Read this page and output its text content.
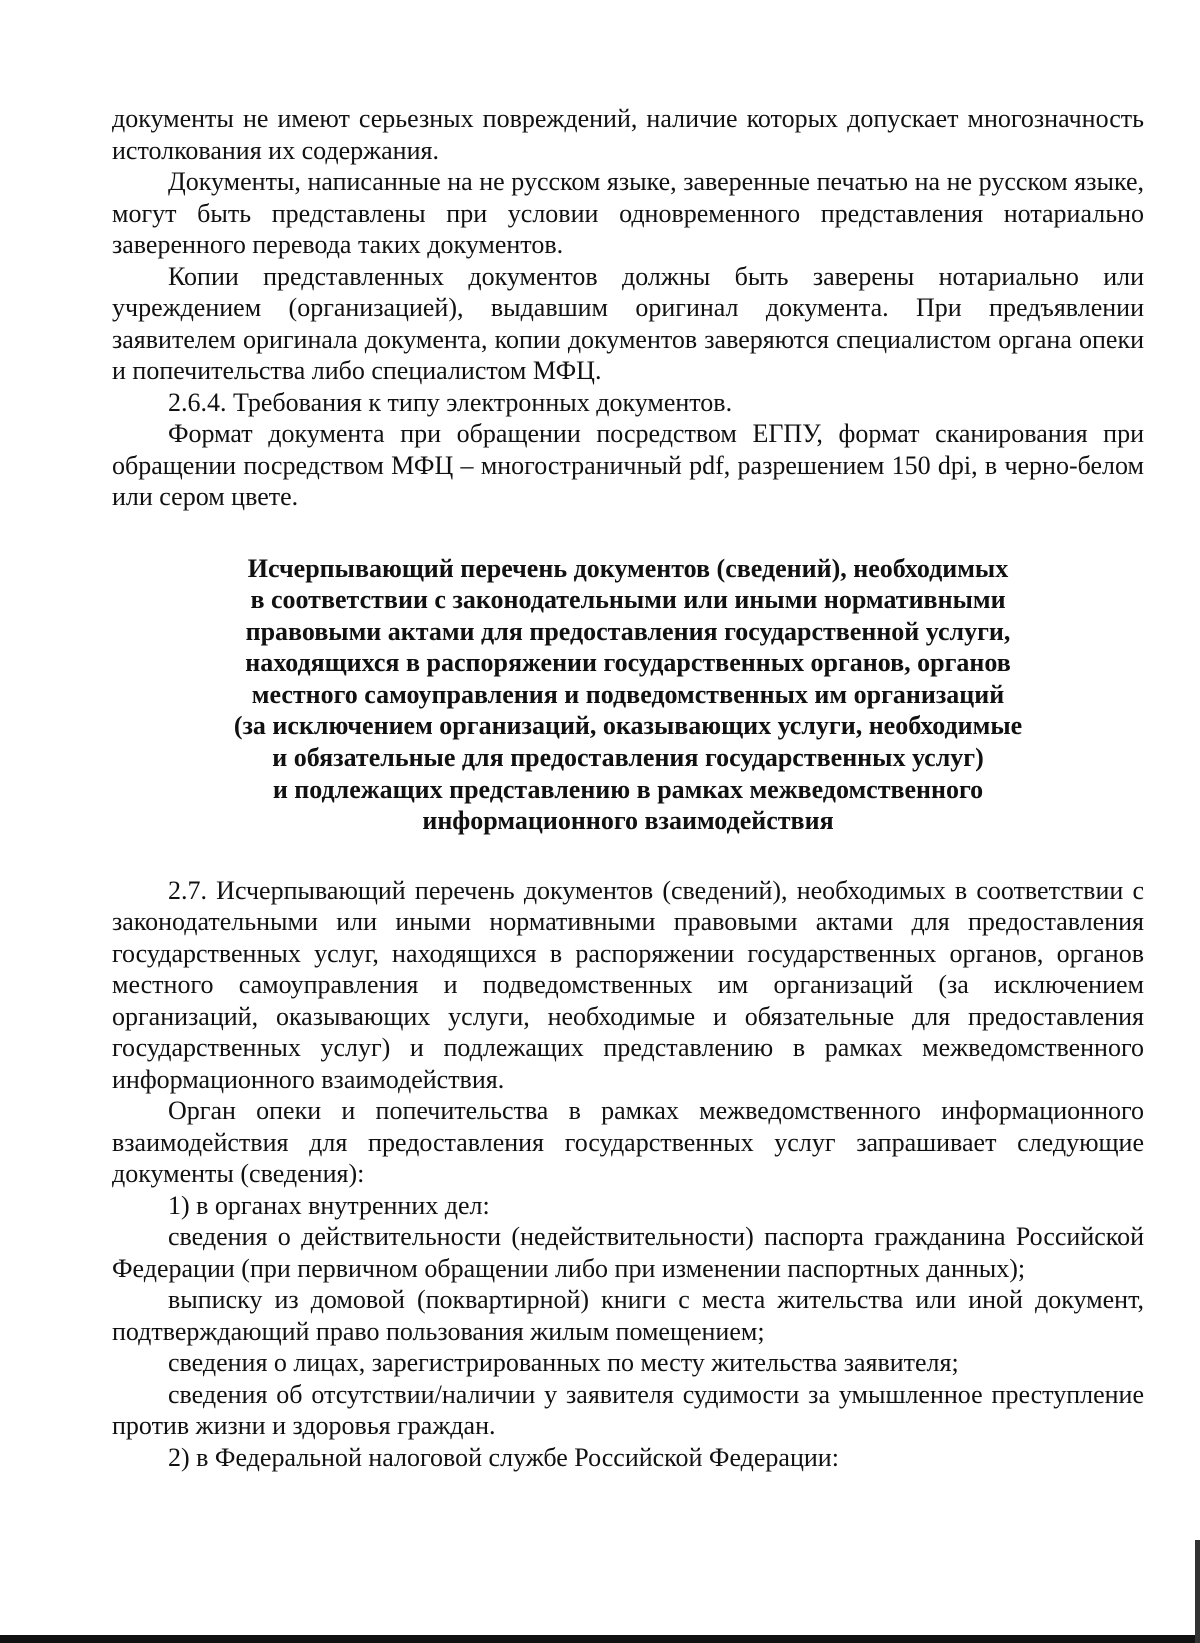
документы не имеют серьезных повреждений, наличие которых допускает многозначность истолкования их содержания.

Документы, написанные на не русском языке, заверенные печатью на не русском языке, могут быть представлены при условии одновременного представления нотариально заверенного перевода таких документов.

Копии представленных документов должны быть заверены нотариально или учреждением (организацией), выдавшим оригинал документа. При предъявлении заявителем оригинала документа, копии документов заверяются специалистом органа опеки и попечительства либо специалистом МФЦ.

2.6.4. Требования к типу электронных документов.

Формат документа при обращении посредством ЕГПУ, формат сканирования при обращении посредством МФЦ – многостраничный pdf, разрешением 150 dpi, в черно-белом или сером цвете.

Исчерпывающий перечень документов (сведений), необходимых
в соответствии с законодательными или иными нормативными
правовыми актами для предоставления государственной услуги,
находящихся в распоряжении государственных органов, органов
местного самоуправления и подведомственных им организаций
(за исключением организаций, оказывающих услуги, необходимые
и обязательные для предоставления государственных услуг)
и подлежащих представлению в рамках межведомственного
информационного взаимодействия

2.7. Исчерпывающий перечень документов (сведений), необходимых в соответствии с законодательными или иными нормативными правовыми актами для предоставления государственных услуг, находящихся в распоряжении государственных органов, органов местного самоуправления и подведомственных им организаций (за исключением организаций, оказывающих услуги, необходимые и обязательные для предоставления государственных услуг) и подлежащих представлению в рамках межведомственного информационного взаимодействия.

Орган опеки и попечительства в рамках межведомственного информационного взаимодействия для предоставления государственных услуг запрашивает следующие документы (сведения):

1) в органах внутренних дел:

сведения о действительности (недействительности) паспорта гражданина Российской Федерации (при первичном обращении либо при изменении паспортных данных);

выписку из домовой (поквартирной) книги с места жительства или иной документ, подтверждающий право пользования жилым помещением;

сведения о лицах, зарегистрированных по месту жительства заявителя;

сведения об отсутствии/наличии у заявителя судимости за умышленное преступление против жизни и здоровья граждан.

2) в Федеральной налоговой службе Российской Федерации:
